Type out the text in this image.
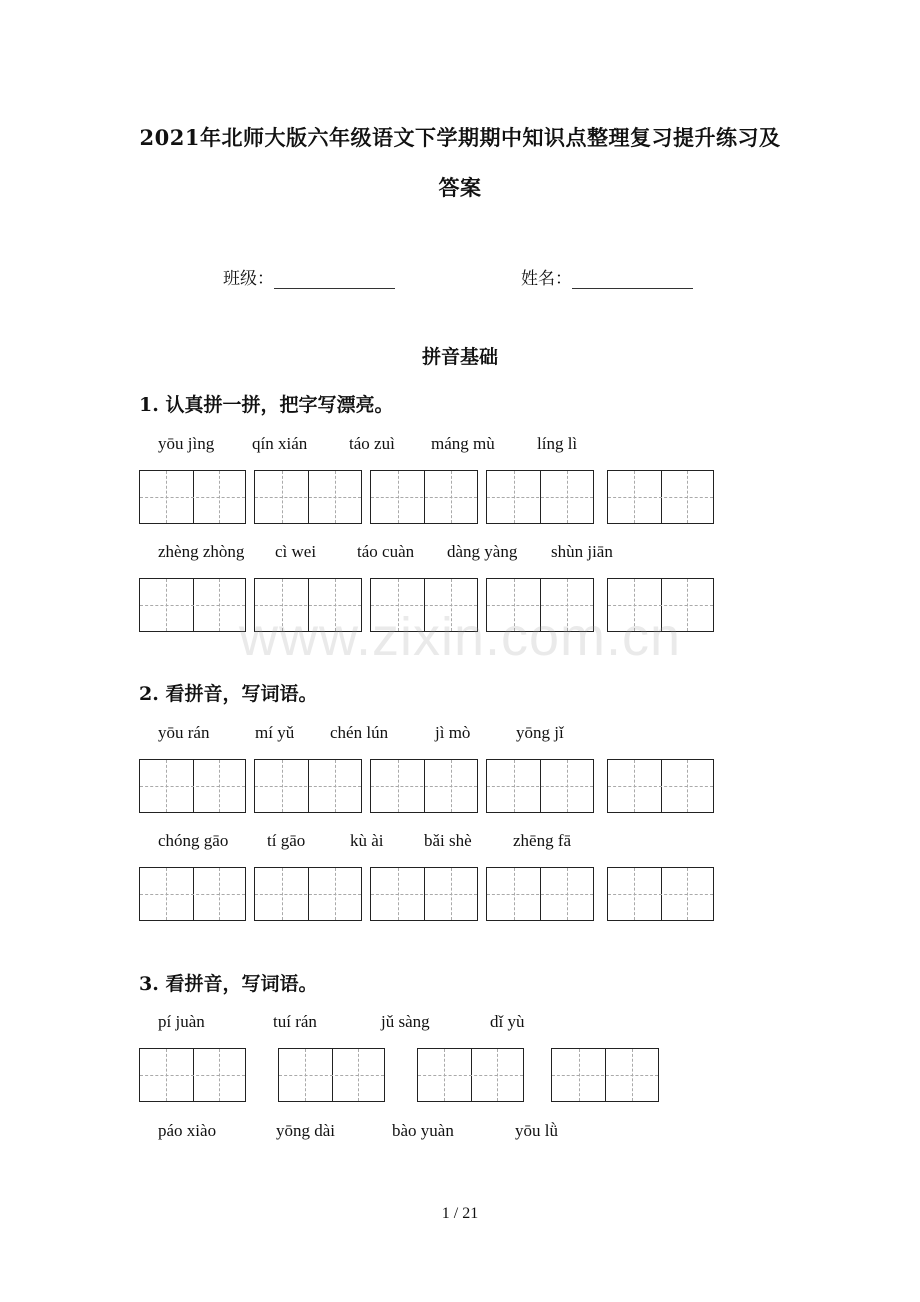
2021年北师大版六年级语文下学期期中知识点整理复习提升练习及
答案
班级：	姓名：
拼音基础
1. 认真拼一拼，把字写漂亮。
yōu jìng qín xián táo zuì máng mù líng lì
zhèng zhòng cì wei táo cuàn dàng yàng shùn jiān
2. 看拼音，写词语。
yōu rán	mí yǔ chén lún	jì mò	yōng jǐ
chóng gāo tí gāo	kù ài bǎi shè zhēng fā
3. 看拼音，写词语。
pí juàn	tuí rán	jǔ sàng	dǐ yù
páo xiào	yōng dài	bào yuàn	yōu lǜ
www.zixin.com.cn
1 / 21
